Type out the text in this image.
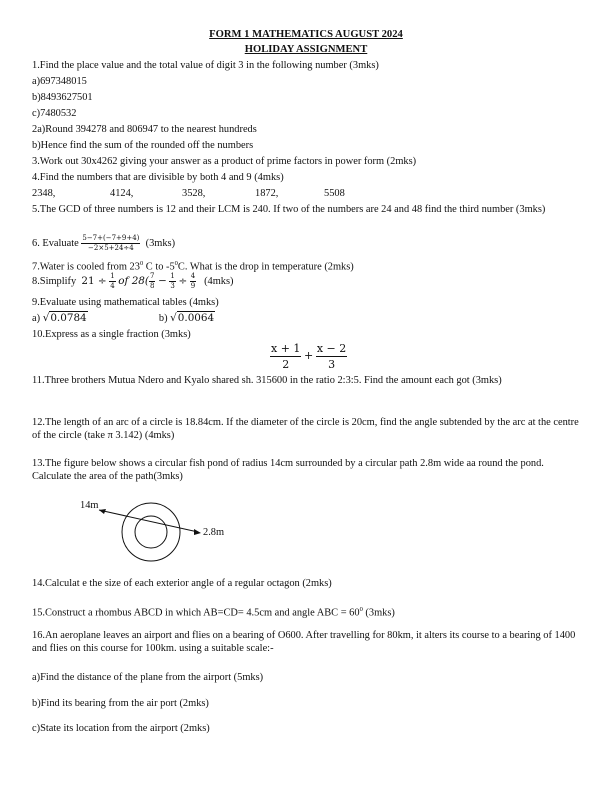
FORM 1 MATHEMATICS AUGUST 2024
HOLIDAY ASSIGNMENT
1.Find the place value and the total value of digit 3 in the following number (3mks)
a)697348015
b)8493627501
c)7480532
2a)Round 394278 and 806947 to the nearest hundreds
b)Hence find the sum of the rounded off the numbers
3.Work out 30x4262 giving your answer as a product of prime factors in power form (2mks)
4.Find the numbers that are divisible by both 4 and 9 (4mks)
2348,	4124,	3528,	1872,	5508
5.The GCD of three numbers is 12 and their LCM is 240. If two of the numbers are 24 and 48 find the third number (3mks)
6. Evaluate $\frac{5-7+(-7+9+4)}{-2\times 5+24\div 4} (3mks)$
7.Water is cooled from $23^0$ C to $-5^0C$. What is the drop in temperature (2mks)
8.Simplify $21 \div \frac{1}{4}$ of $28( \frac{7}{8} - \frac{1}{3} \div \frac{4}{9} (4mks)$
9.Evaluate using mathematical tables (4mks)
a) √0.0784	b) √0.0064
10.Express as a single fraction (3mks)
$\frac{x + 1}{2} + \frac{x - 2}{3}$
11.Three brothers Mutua Ndero and Kyalo shared sh. 315600 in the ratio 2:3:5. Find the amount each got (3mks)
12.The length of an arc of a circle is 18.84cm. If the diameter of the circle is 20cm, find the angle subtended by the arc at the centre of the circle (take π 3.142) (4mks)
13.The figure below shows a circular fish pond of radius 14cm surrounded by a circular path 2.8m wide aa round the pond. Calculate the area of the path(3mks)
14m
2.8m
14.Calculat e the size of each exterior angle of a regular octagon (2mks)
15.Construct a rhombus ABCD in which AB=CD= 4.5cm and angle ABC = $60^0$ (3mks)
16.An aeroplane leaves an airport and flies on a bearing of O600. After travelling for 80km, it alters its course to a bearing of 1400 and flies on this course for 100km. using a suitable scale:-
a)Find the distance of the plane from the airport (5mks)
b)Find its bearing from the air port (2mks)
c)State its location from the airport (2mks)
